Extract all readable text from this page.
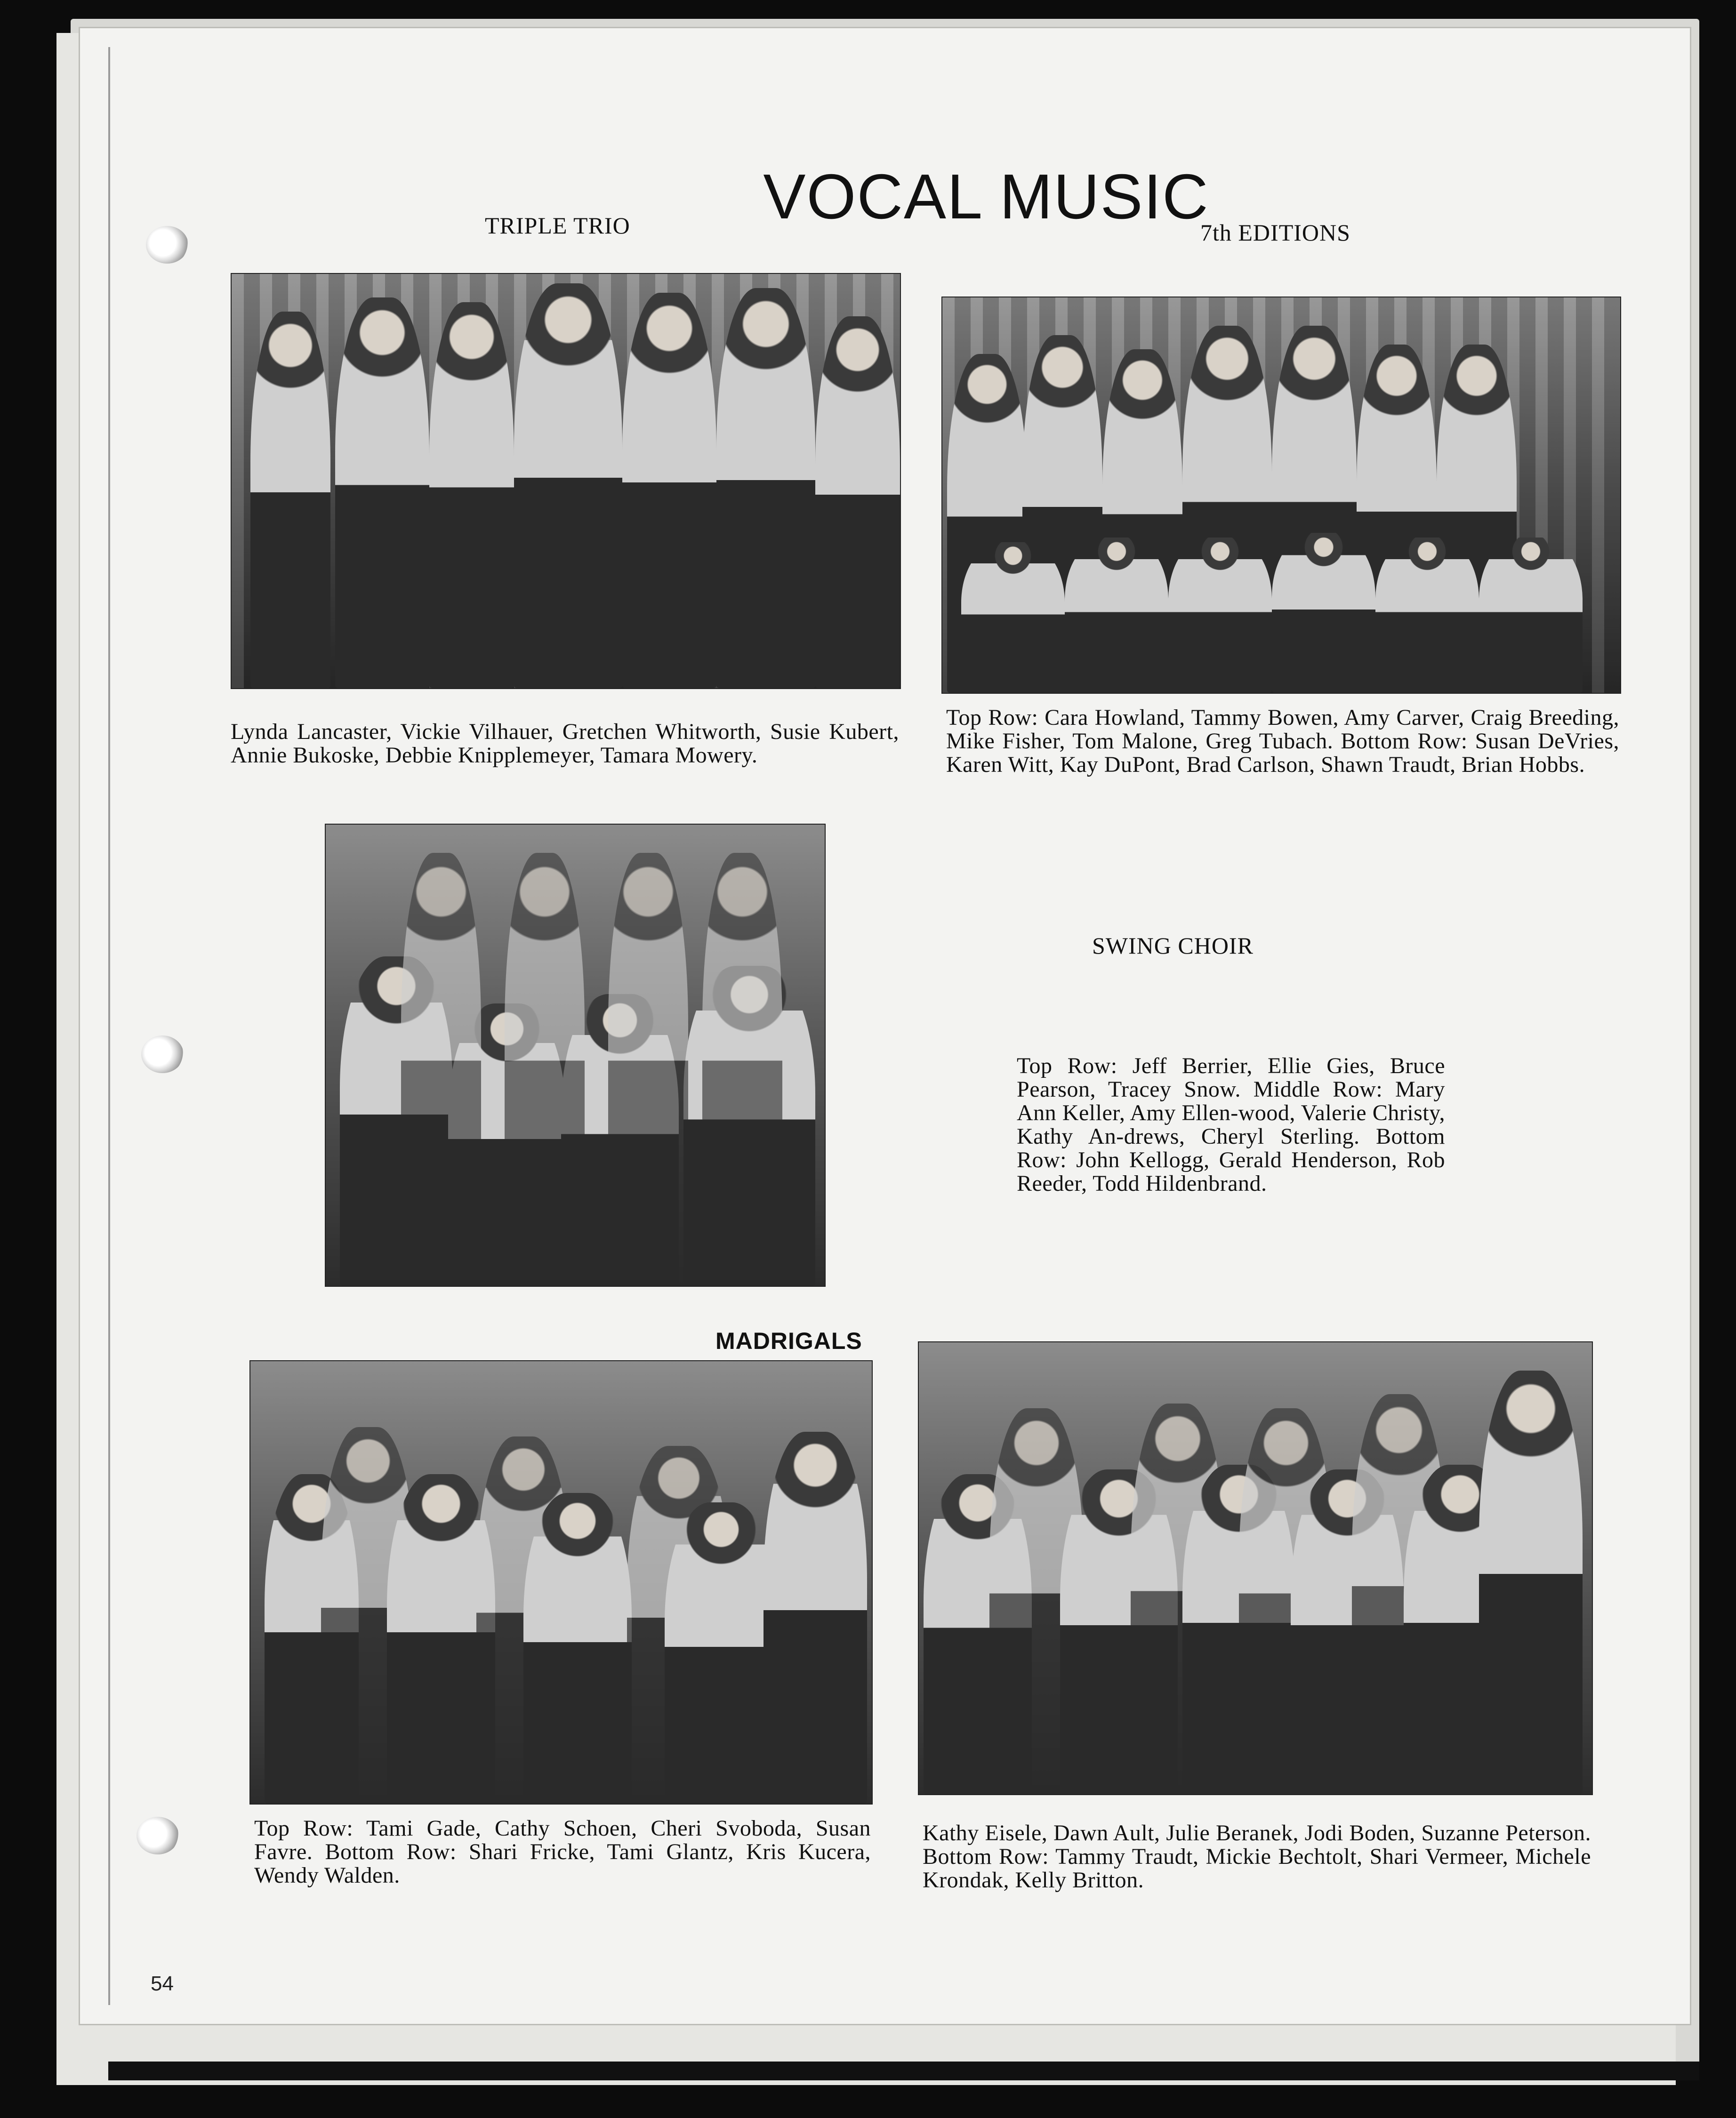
VOCAL MUSIC
TRIPLE TRIO
Lynda Lancaster, Vickie Vilhauer, Gretchen Whitworth, Susie Kubert, Annie Bukoske, Debbie Knipplemeyer, Tamara Mowery.
7th EDITIONS
Top Row: Cara Howland, Tammy Bowen, Amy Carver, Craig Breeding, Mike Fisher, Tom Malone, Greg Tubach. Bottom Row: Susan DeVries, Karen Witt, Kay DuPont, Brad Carlson, Shawn Traudt, Brian Hobbs.
SWING CHOIR
Top Row: Jeff Berrier, Ellie Gies, Bruce Pearson, Tracey Snow. Middle Row: Mary Ann Keller, Amy Ellen-wood, Valerie Christy, Kathy An-drews, Cheryl Sterling. Bottom Row: John Kellogg, Gerald Henderson, Rob Reeder, Todd Hildenbrand.
MADRIGALS
Top Row: Tami Gade, Cathy Schoen, Cheri Svoboda, Susan Favre. Bottom Row: Shari Fricke, Tami Glantz, Kris Kucera, Wendy Walden.
Kathy Eisele, Dawn Ault, Julie Beranek, Jodi Boden, Suzanne Peterson. Bottom Row: Tammy Traudt, Mickie Bechtolt, Shari Vermeer, Michele Krondak, Kelly Britton.
54
